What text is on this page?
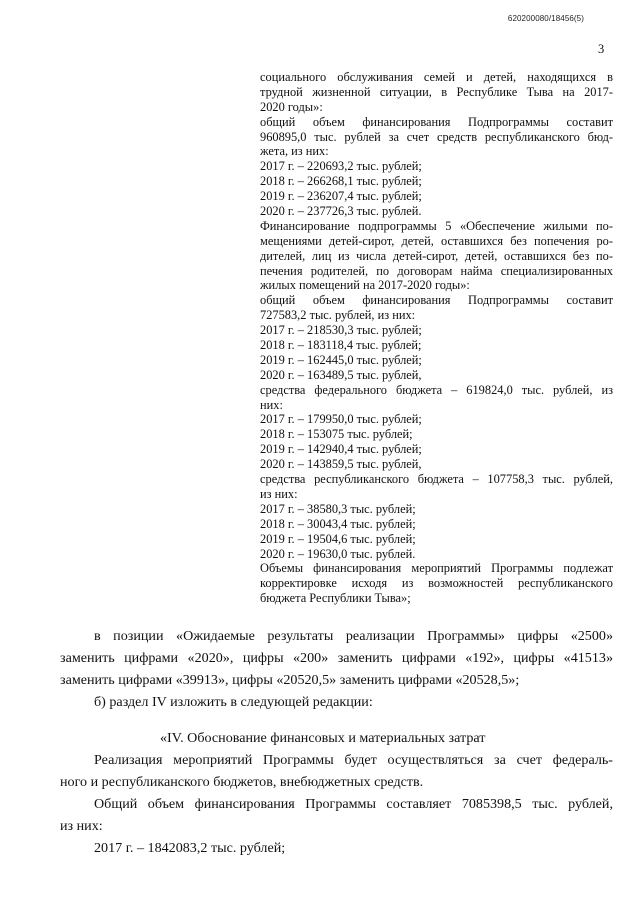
620200080/18456(5)
3
социального обслуживания семей и детей, находящихся в
трудной жизненной ситуации, в Республике Тыва на 2017-
2020 годы»:
общий объем финансирования Подпрограммы составит
960895,0 тыс. рублей за счет средств республиканского бюд-
жета, из них:
2017 г. – 220693,2 тыс. рублей;
2018 г. – 266268,1 тыс. рублей;
2019 г. – 236207,4 тыс. рублей;
2020 г. – 237726,3 тыс. рублей.
Финансирование подпрограммы 5 «Обеспечение жилыми по-
мещениями детей-сирот, детей, оставшихся без попечения ро-
дителей, лиц из числа детей-сирот, детей, оставшихся без по-
печения родителей, по договорам найма специализированных
жилых помещений на 2017-2020 годы»:
общий объем финансирования Подпрограммы составит
727583,2 тыс. рублей, из них:
2017 г. – 218530,3 тыс. рублей;
2018 г. – 183118,4 тыс. рублей;
2019 г. – 162445,0 тыс. рублей;
2020 г. – 163489,5 тыс. рублей,
средства федерального бюджета – 619824,0 тыс. рублей, из
них:
2017 г. – 179950,0 тыс. рублей;
2018 г. – 153075 тыс. рублей;
2019 г. – 142940,4 тыс. рублей;
2020 г. – 143859,5 тыс. рублей,
средства республиканского бюджета – 107758,3 тыс. рублей,
из них:
2017 г. – 38580,3 тыс. рублей;
2018 г. – 30043,4 тыс. рублей;
2019 г. – 19504,6 тыс. рублей;
2020 г. – 19630,0 тыс. рублей.
Объемы финансирования мероприятий Программы подлежат
корректировке исходя из возможностей республиканского
бюджета Республики Тыва»;
в позиции «Ожидаемые результаты реализации Программы» цифры «2500»
заменить цифрами «2020», цифры «200» заменить цифрами «192», цифры «41513»
заменить цифрами «39913», цифры «20520,5» заменить цифрами «20528,5»;
б) раздел IV изложить в следующей редакции:
«IV. Обоснование финансовых и материальных затрат
Реализация мероприятий Программы будет осуществляться за счет федераль-
ного и республиканского бюджетов, внебюджетных средств.
Общий объем финансирования Программы составляет 7085398,5 тыс. рублей,
из них:
2017 г. – 1842083,2 тыс. рублей;
